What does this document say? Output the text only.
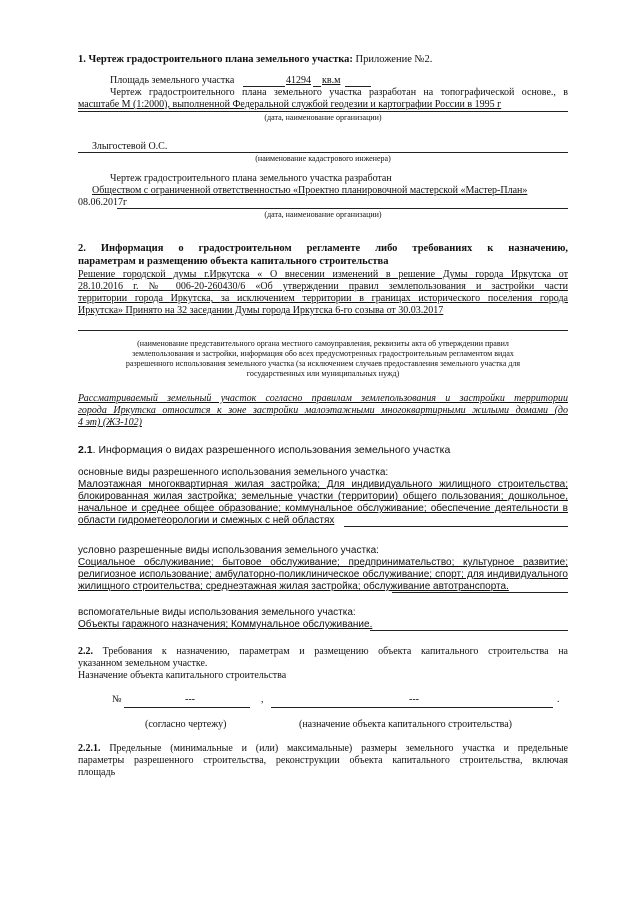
1. Чертеж градостроительного плана земельного участка: Приложение №2.
Площадь земельного участка	41294 кв.м
Чертеж градостроительного плана земельного участка разработан на топографической основе., в
масштабе М (1:2000), выполненной Федеральной службой геодезии и картографии России в 1995 г
(дата, наименование организации)
Злыгостевой О.С.
(наименование кадастрового инженера)
Чертеж градостроительного плана земельного участка разработан
Обществом с ограниченной ответственностью «Проектно планировочной мастерской «Мастер-План»
08.06.2017г
(дата, наименование организации)
2. Информация о градостроительном регламенте либо требованиях к назначению,
параметрам и размещению объекта капитального строительства
Решение городской думы г.Иркутска « О внесении изменений в решение Думы города Иркутска от
28.10.2016 г. № 006-20-260430/6 «Об утверждении правил землепользования и застройки части
территории города Иркутска, за исключением территории в границах исторического поселения города
Иркутска» Принято на 32 заседании Думы города Иркутска 6-го созыва от 30.03.2017
(наименование представительного органа местного самоуправления, реквизиты акта об утверждении правил
землепользования и застройки, информация обо всех предусмотренных градостроительным регламентом видах
разрешенного использования земельного участка (за исключением случаев предоставления земельного участка для
государственных или муниципальных нужд)
Рассматриваемый земельный участок согласно правилам землепользования и застройки территории
города Иркутска относится к зоне застройки малоэтажными многоквартирными жилыми домами (до
4 эт) (ЖЗ-102)
2.1. Информация о видах разрешенного использования земельного участка
основные виды разрешенного использования земельного участка:
Малоэтажная многоквартирная жилая застройка; Для индивидуального жилищного строительства;
блокированная жилая застройка; земельные участки (территории) общего пользования; дошкольное,
начальное и среднее общее образование; коммунальное обслуживание; обеспечение деятельности в
области гидрометеорологии и смежных с ней областях
условно разрешенные виды использования земельного участка:
Социальное обслуживание; бытовое обслуживание; предпринимательство; культурное развитие;
религиозное использование; амбулаторно-поликлиническое обслуживание; спорт; для индивидуального
жилищного строительства; среднеэтажная жилая застройка; обслуживание автотранспорта.
вспомогательные виды использования земельного участка:
Объекты гаражного назначения; Коммунальное обслуживание.
2.2. Требования к назначению, параметрам и размещению объекта капитального строительства на
указанном земельном участке.
Назначение объекта капитального строительства
№	---	,	---	.
(согласно чертежу)	(назначение объекта капитального строительства)
2.2.1. Предельные (минимальные и (или) максимальные) размеры земельного участка и предельные
параметры разрешенного строительства, реконструкции объекта капитального строительства, включая
площадь
